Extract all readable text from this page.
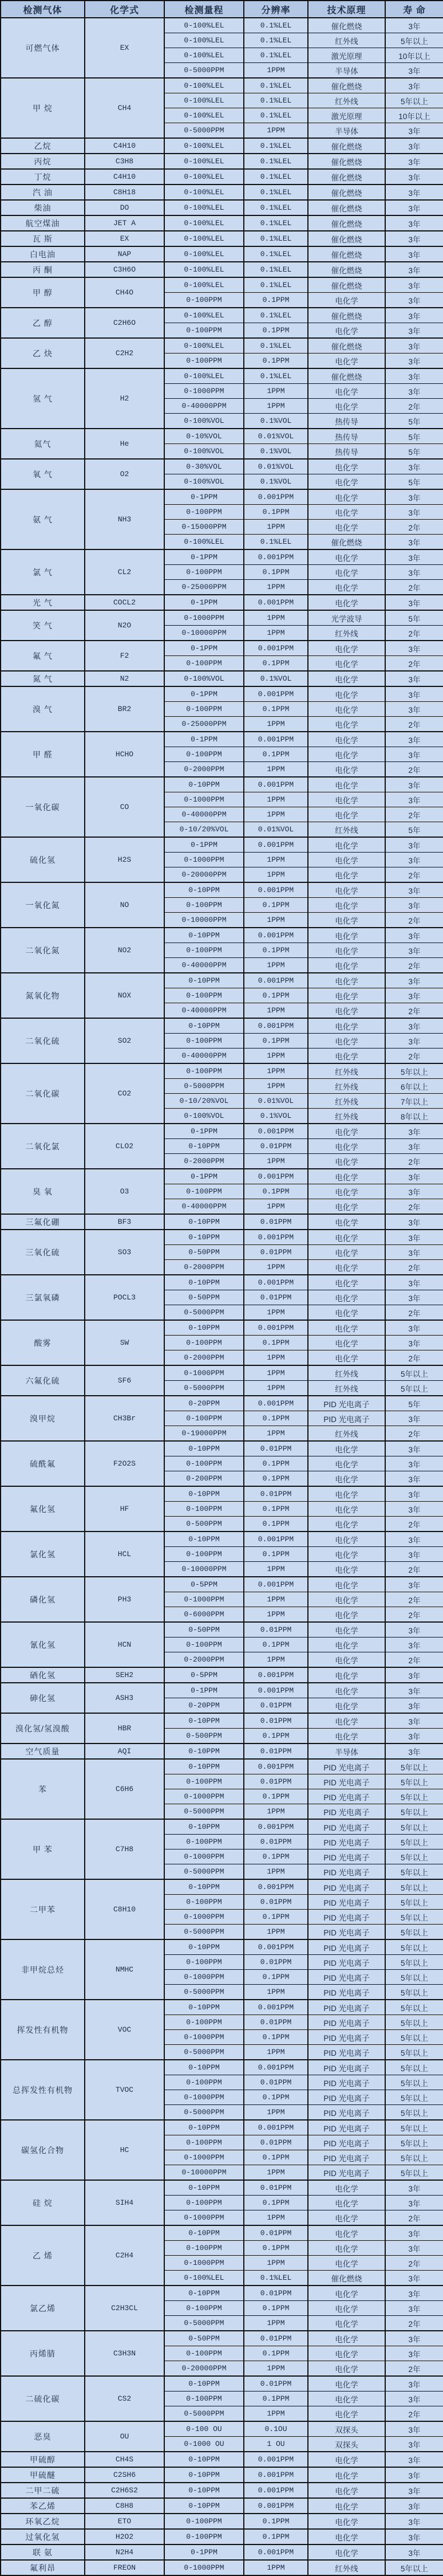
检测气体	化学式	检测量程	分辨率	技术原理	寿 命
可燃气体	EX	0-100%LEL	0.1%LEL	催化燃烧	3年
		0-100%LEL	0.1%LEL	红外线	5年以上
		0-100%LEL	0.1%LEL	激光原理	10年以上
		0-5000PPM	1PPM	半导体	3年
甲 烷	CH4	0-100%LEL	0.1%LEL	催化燃烧	3年
		0-100%LEL	0.1%LEL	红外线	5年以上
		0-100%LEL	0.1%LEL	激光原理	10年以上
		0-5000PPM	1PPM	半导体	3年
乙烷	C4H10	0-100%LEL	0.1%LEL	催化燃烧	3年
丙烷	C3H8	0-100%LEL	0.1%LEL	催化燃烧	3年
丁烷	C4H10	0-100%LEL	0.1%LEL	催化燃烧	3年
汽 油	C8H18	0-100%LEL	0.1%LEL	催化燃烧	3年
柴油	DO	0-100%LEL	0.1%LEL	催化燃烧	3年
航空煤油	JET A	0-100%LEL	0.1%LEL	催化燃烧	3年
瓦 斯	EX	0-100%LEL	0.1%LEL	催化燃烧	3年
白电油	NAP	0-100%LEL	0.1%LEL	催化燃烧	3年
丙 酮	C3H6O	0-100%LEL	0.1%LEL	催化燃烧	3年
甲 醇	CH4O	0-100%LEL	0.1%LEL	催化燃烧	3年
		0-100PPM	0.1PPM	电化学	3年
乙 醇	C2H6O	0-100%LEL	0.1%LEL	催化燃烧	3年
		0-100PPM	0.1PPM	电化学	3年
乙 炔	C2H2	0-100%LEL	0.1%LEL	催化燃烧	3年
		0-100PPM	0.1PPM	电化学	3年
氢 气	H2	0-100%LEL	0.1%LEL	催化燃烧	3年
		0-1000PPM	1PPM	电化学	3年
		0-40000PPM	1PPM	电化学	2年
		0-100%VOL	0.1%VOL	热传导	5年
氦气	He	0-10%VOL	0.01%VOL	热传导	5年
		0-100%VOL	0.1%VOL	热传导	5年
氧 气	O2	0-30%VOL	0.01%VOL	电化学	3年
		0-100%VOL	0.1%VOL	电化学	5年
氨 气	NH3	0-1PPM	0.001PPM	电化学	3年
		0-100PPM	0.1PPM	电化学	3年
		0-15000PPM	1PPM	电化学	2年
		0-100%LEL	0.1%LEL	催化燃烧	3年
氯 气	CL2	0-1PPM	0.001PPM	电化学	3年
		0-100PPM	0.1PPM	电化学	3年
		0-25000PPM	1PPM	电化学	2年
光 气	COCL2	0-1PPM	0.001PPM	电化学	3年
笑 气	N2O	0-1000PPM	1PPM	光学波导	5年
		0-10000PPM	1PPM	红外线	2年
氟 气	F2	0-1PPM	0.001PPM	电化学	3年
		0-100PPM	0.1PPM	电化学	2年
氮 气	N2	0-100%VOL	0.1%VOL	电化学	3年
溴 气	BR2	0-1PPM	0.001PPM	电化学	3年
		0-100PPM	0.1PPM	电化学	3年
		0-25000PPM	1PPM	电化学	2年
甲 醛	HCHO	0-1PPM	0.001PPM	电化学	3年
		0-100PPM	0.1PPM	电化学	3年
		0-2000PPM	1PPM	电化学	2年
一氧化碳	CO	0-10PPM	0.001PPM	电化学	3年
		0-1000PPM	1PPM	电化学	3年
		0-40000PPM	1PPM	电化学	2年
		0-10/20%VOL	0.01%VOL	红外线	5年
硫化氢	H2S	0-1PPM	0.001PPM	电化学	3年
		0-1000PPM	1PPM	电化学	3年
		0-20000PPM	1PPM	电化学	2年
一氧化氮	NO	0-10PPM	0.001PPM	电化学	3年
		0-100PPM	0.1PPM	电化学	3年
		0-10000PPM	1PPM	电化学	2年
二氧化氮	NO2	0-10PPM	0.001PPM	电化学	3年
		0-100PPM	0.1PPM	电化学	3年
		0-40000PPM	1PPM	电化学	2年
氮氧化物	NOX	0-10PPM	0.001PPM	电化学	3年
		0-100PPM	0.1PPM	电化学	3年
		0-40000PPM	1PPM	电化学	2年
二氧化硫	SO2	0-10PPM	0.001PPM	电化学	3年
		0-100PPM	0.1PPM	电化学	3年
		0-40000PPM	1PPM	电化学	2年
二氧化碳	CO2	0-100PPM	1PPM	红外线	5年以上
		0-5000PPM	1PPM	红外线	6年以上
		0-10/20%VOL	0.01%VOL	红外线	7年以上
		0-100%VOL	0.1%VOL	红外线	8年以上
二氧化氯	CLO2	0-1PPM	0.001PPM	电化学	3年
		0-10PPM	0.01PPM	电化学	3年
		0-2000PPM	1PPM	电化学	2年
臭 氧	O3	0-1PPM	0.001PPM	电化学	3年
		0-100PPM	0.1PPM	电化学	3年
		0-40000PPM	1PPM	电化学	2年
三氟化硼	BF3	0-10PPM	0.01PPM	电化学	3年
三氧化硫	SO3	0-10PPM	0.001PPM	电化学	3年
		0-50PPM	0.01PPM	电化学	3年
		0-2000PPM	1PPM	电化学	2年
三氯氧磷	POCL3	0-10PPM	0.001PPM	电化学	3年
		0-50PPM	0.01PPM	电化学	3年
		0-5000PPM	1PPM	电化学	2年
酸雾	SW	0-10PPM	0.001PPM	电化学	3年
		0-100PPM	0.1PPM	电化学	3年
		0-2000PPM	1PPM	电化学	2年
六氟化硫	SF6	0-1000PPM	1PPM	红外线	5年以上
		0-5000PPM	1PPM	红外线	5年以上
溴甲烷	CH3Br	0-20PPM	0.001PPM	PID 光电离子	5年
		0-100PPM	0.1PPM	PID 光电离子	3年
		0-19000PPM	1PPM	红外线	2年
硫酰氟	F2O2S	0-10PPM	0.01PPM	电化学	3年
		0-100PPM	0.1PPM	电化学	3年
		0-200PPM	0.1PPM	电化学	3年
氟化氢	HF	0-10PPM	0.01PPM	电化学	3年
		0-100PPM	0.1PPM	电化学	3年
		0-500PPM	0.1PPM	电化学	2年
氯化氢	HCL	0-10PPM	0.001PPM	电化学	3年
		0-100PPM	0.1PPM	电化学	3年
		0-10000PPM	1PPM	电化学	2年
磷化氢	PH3	0-5PPM	0.001PPM	电化学	3年
		0-1000PPM	1PPM	电化学	2年
		0-6000PPM	1PPM	电化学	2年
氰化氢	HCN	0-50PPM	0.01PPM	电化学	3年
		0-100PPM	0.1PPM	电化学	3年
		0-2000PPM	1PPM	电化学	2年
硒化氢	SEH2	0-5PPM	0.001PPM	电化学	3年
砷化氢	ASH3	0-1PPM	0.001PPM	电化学	3年
		0-20PPM	0.01PPM	电化学	3年
溴化氢/氢溴酸	HBR	0-10PPM	0.01PPM	电化学	3年
		0-500PPM	0.1PPM	电化学	3年
空气质量	AQI	0-10PPM	0.01PPM	半导体	3年
苯	C6H6	0-10PPM	0.001PPM	PID 光电离子	5年以上
		0-100PPM	0.01PPM	PID 光电离子	5年以上
		0-1000PPM	0.1PPM	PID 光电离子	5年以上
		0-5000PPM	1PPM	PID 光电离子	5年以上
甲 苯	C7H8	0-10PPM	0.001PPM	PID 光电离子	5年以上
		0-100PPM	0.01PPM	PID 光电离子	5年以上
		0-1000PPM	0.1PPM	PID 光电离子	5年以上
		0-5000PPM	1PPM	PID 光电离子	5年以上
二甲苯	C8H10	0-10PPM	0.001PPM	PID 光电离子	5年以上
		0-100PPM	0.01PPM	PID 光电离子	5年以上
		0-1000PPM	0.1PPM	PID 光电离子	5年以上
		0-5000PPM	1PPM	PID 光电离子	5年以上
非甲烷总烃	NMHC	0-10PPM	0.001PPM	PID 光电离子	5年以上
		0-100PPM	0.01PPM	PID 光电离子	5年以上
		0-1000PPM	0.1PPM	PID 光电离子	5年以上
		0-5000PPM	1PPM	PID 光电离子	5年以上
挥发性有机物	VOC	0-10PPM	0.001PPM	PID 光电离子	5年以上
		0-100PPM	0.01PPM	PID 光电离子	5年以上
		0-1000PPM	0.1PPM	PID 光电离子	5年以上
		0-5000PPM	1PPM	PID 光电离子	5年以上
总挥发性有机物	TVOC	0-10PPM	0.001PPM	PID 光电离子	5年以上
		0-100PPM	0.01PPM	PID 光电离子	5年以上
		0-1000PPM	0.1PPM	PID 光电离子	5年以上
		0-5000PPM	1PPM	PID 光电离子	5年以上
碳氢化合物	HC	0-10PPM	0.001PPM	PID 光电离子	5年以上
		0-100PPM	0.01PPM	PID 光电离子	5年以上
		0-1000PPM	0.1PPM	PID 光电离子	5年以上
		0-10000PPM	1PPM	PID 光电离子	5年以上
硅 烷	SIH4	0-10PPM	0.01PPM	电化学	3年
		0-100PPM	0.1PPM	电化学	3年
		0-1000PPM	1PPM	电化学	2年
乙 烯	C2H4	0-10PPM	0.01PPM	电化学	3年
		0-100PPM	0.1PPM	电化学	3年
		0-1000PPM	1PPM	电化学	2年
		0-100%LEL	0.1%LEL	催化燃烧	3年
氯乙烯	C2H3CL	0-10PPM	0.01PPM	电化学	3年
		0-100PPM	0.1PPM	电化学	3年
		0-5000PPM	1PPM	电化学	2年
丙烯腈	C3H3N	0-50PPM	0.01PPM	电化学	3年
		0-100PPM	0.1PPM	电化学	3年
		0-20000PPM	1PPM	电化学	2年
二硫化碳	CS2	0-10PPM	0.01PPM	电化学	3年
		0-100PPM	0.1PPM	电化学	3年
		0-5000PPM	1PPM	电化学	2年
恶臭	OU	0-100 OU	0.1OU	双探头	3年
		0-1000 OU	1 OU	双探头	3年
甲硫醇	CH4S	0-10PPM	0.001PPM	电化学	3年
甲硫醚	C2SH6	0-10PPM	0.001PPM	电化学	3年
二甲二硫	C2H6S2	0-10PPM	0.001PPM	电化学	3年
苯乙烯	C8H8	0-10PPM	0.001PPM	电化学	3年
环氧乙烷	ETO	0-100PPM	0.1PPM	电化学	3年
过氧化氢	H2O2	0-100PPM	0.1PPM	电化学	3年
联 氨	N2H4	0-1PPM	0.001PPM	电化学	3年
氟利昂	FREON	0-1000PPM	1PPM	红外线	5年以上
